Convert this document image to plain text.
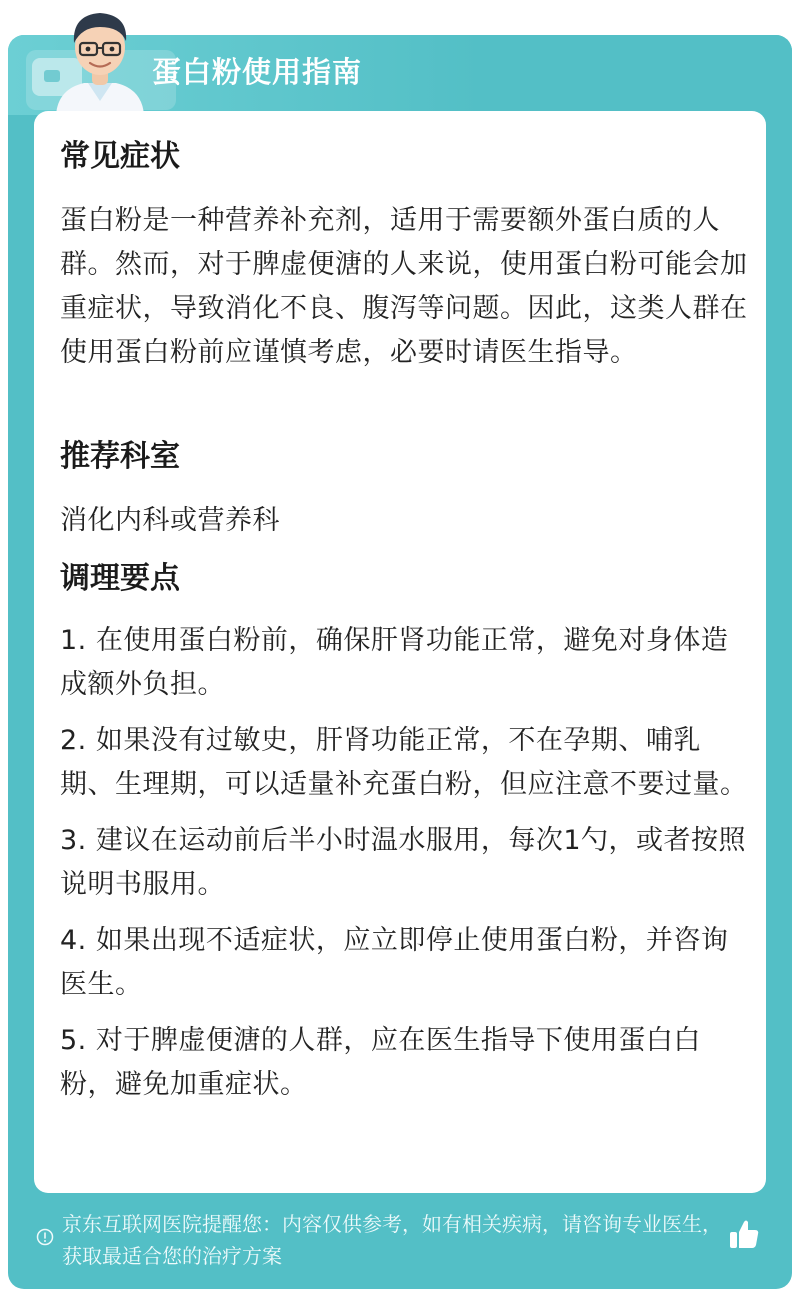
蛋白粉使用指南
常见症状

蛋白粉是一种营养补充剂，适用于需要额外蛋白质的人群。然而，对于脾虚便溏的人来说，使用蛋白粉可能会加重症状，导致消化不良、腹泻等问题。因此，这类人群在使用蛋白粉前应谨慎考虑，必要时请医生指导。

推荐科室

消化内科或营养科

调理要点

1. 在使用蛋白粉前，确保肝肾功能正常，避免对身体造成额外负担。

2. 如果没有过敏史，肝肾功能正常，不在孕期、哺乳期、生理期，可以适量补充蛋白粉，但应注意不要过量。

3. 建议在运动前后半小时温水服用，每次1勺，或者按照说明书服用。

4. 如果出现不适症状，应立即停止使用蛋白粉，并咨询医生。

5. 对于脾虚便溏的人群，应在医生指导下使用蛋白白粉，避免加重症状。

京东互联网医院提醒您：内容仅供参考，如有相关疾病，请咨询专业医生，获取最适合您的治疗方案
